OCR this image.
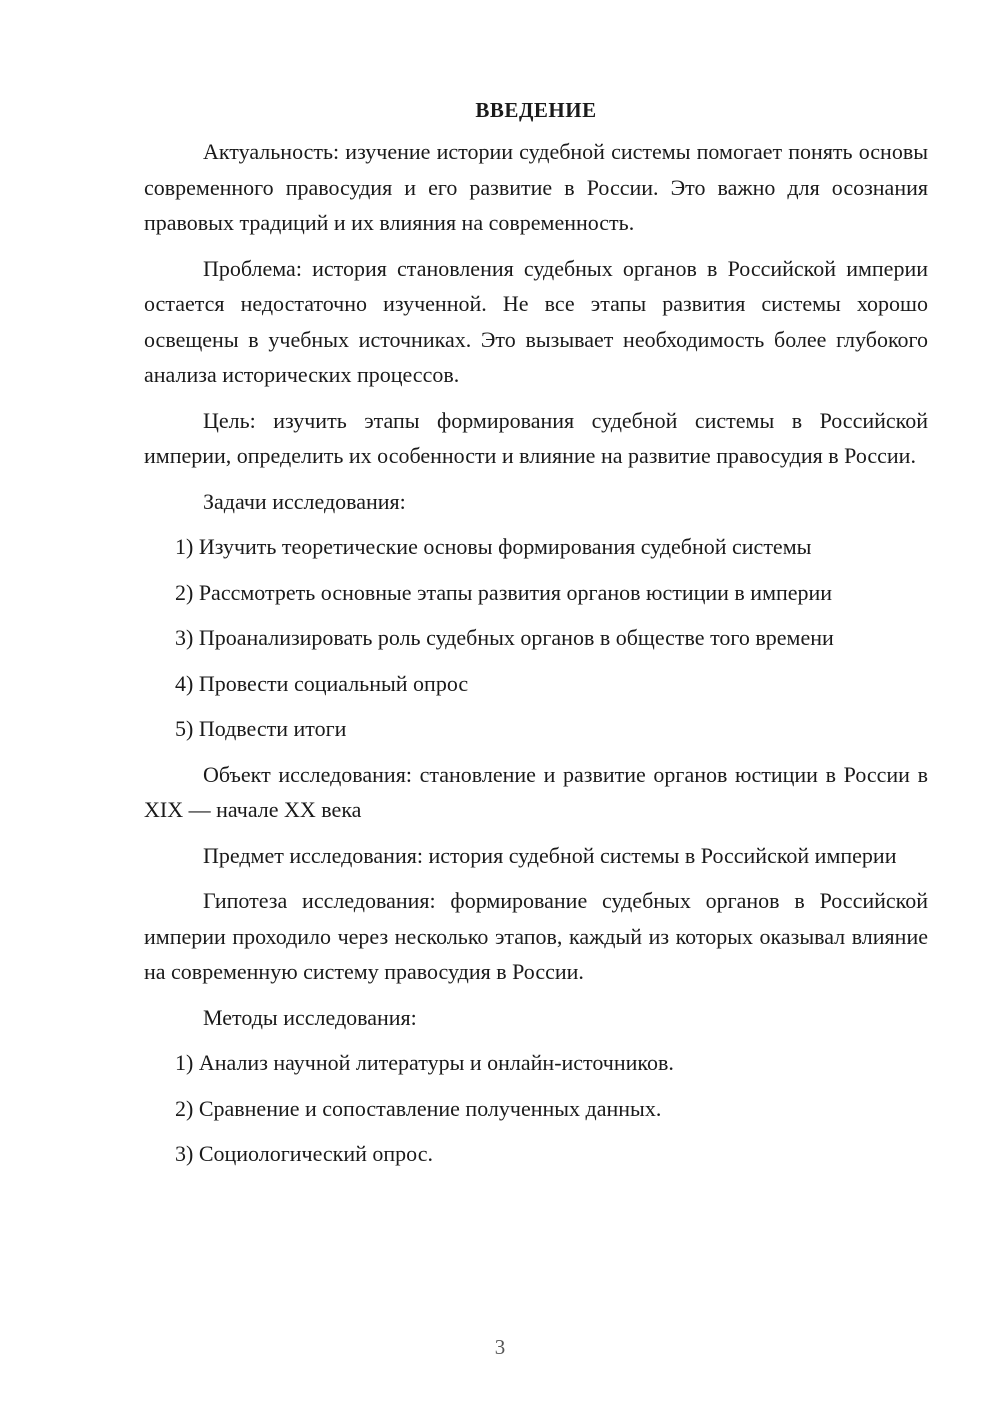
ВВЕДЕНИЕ

Актуальность: изучение истории судебной системы помогает понять основы современного правосудия и его развитие в России. Это важно для осознания правовых традиций и их влияния на современность.

Проблема: история становления судебных органов в Российской империи остается недостаточно изученной. Не все этапы развития системы хорошо освещены в учебных источниках. Это вызывает необходимость более глубокого анализа исторических процессов.

Цель: изучить этапы формирования судебной системы в Российской империи, определить их особенности и влияние на развитие правосудия в России.

Задачи исследования:

1) Изучить теоретические основы формирования судебной системы
2) Рассмотреть основные этапы развития органов юстиции в империи
3) Проанализировать роль судебных органов в обществе того времени
4) Провести социальный опрос
5) Подвести итоги

Объект исследования: становление и развитие органов юстиции в России в XIX — начале XX века

Предмет исследования: история судебной системы в Российской империи

Гипотеза исследования: формирование судебных органов в Российской империи проходило через несколько этапов, каждый из которых оказывал влияние на современную систему правосудия в России.

Методы исследования:

1) Анализ научной литературы и онлайн-источников.
2) Сравнение и сопоставление полученных данных.
3) Социологический опрос.
3
